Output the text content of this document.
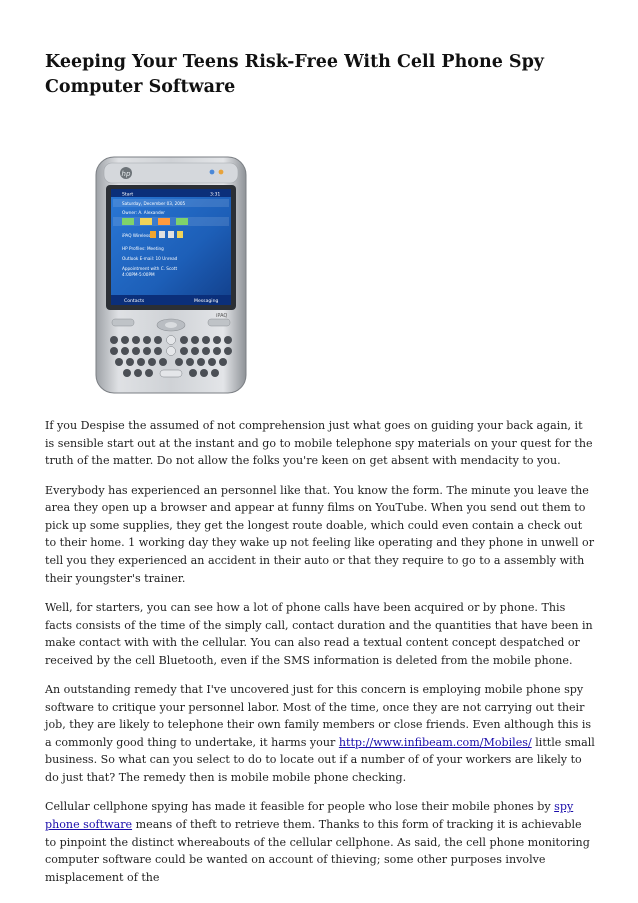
Keeping Your Teens Risk-Free With Cell Phone Spy Computer Software
hp
Start	3:31
Saturday, December 03, 2005
Owner: A. Alexander
iPAQ Wireless
HP Profiles: Meeting
Outlook E-mail: 10 Unread
Appointment with C. Scott
4:00PM-5:00PM
Contacts	Messaging
iPAQ

If you Despise the assumed of not comprehension just what goes on guiding your back again, it is sensible start out at the instant and go to mobile telephone spy materials on your quest for the truth of the matter. Do not allow the folks you're keen on get absent with mendacity to you.

Everybody has experienced an personnel like that. You know the form. The minute you leave the area they open up a browser and appear at funny films on YouTube. When you send out them to pick up some supplies, they get the longest route doable, which could even contain a check out to their home. 1 working day they wake up not feeling like operating and they phone in unwell or tell you they experienced an accident in their auto or that they require to go to a assembly with their youngster's trainer.

Well, for starters, you can see how a lot of phone calls have been acquired or by phone. This facts consists of the time of the simply call, contact duration and the quantities that have been in make contact with with the cellular. You can also read a textual content concept despatched or received by the cell Bluetooth, even if the SMS information is deleted from the mobile phone.

An outstanding remedy that I've uncovered just for this concern is employing mobile phone spy software to critique your personnel labor. Most of the time, once they are not carrying out their job, they are likely to telephone their own family members or close friends. Even although this is a commonly good thing to undertake, it harms your http://www.infibeam.com/Mobiles/ little small business. So what can you select to do to locate out if a number of of your workers are likely to do just that? The remedy then is mobile mobile phone checking.

Cellular cellphone spying has made it feasible for people who lose their mobile phones by spy phone software means of theft to retrieve them. Thanks to this form of tracking it is achievable to pinpoint the distinct whereabouts of the cellular cellphone. As said, the cell phone monitoring computer software could be wanted on account of thieving; some other purposes involve misplacement of the
